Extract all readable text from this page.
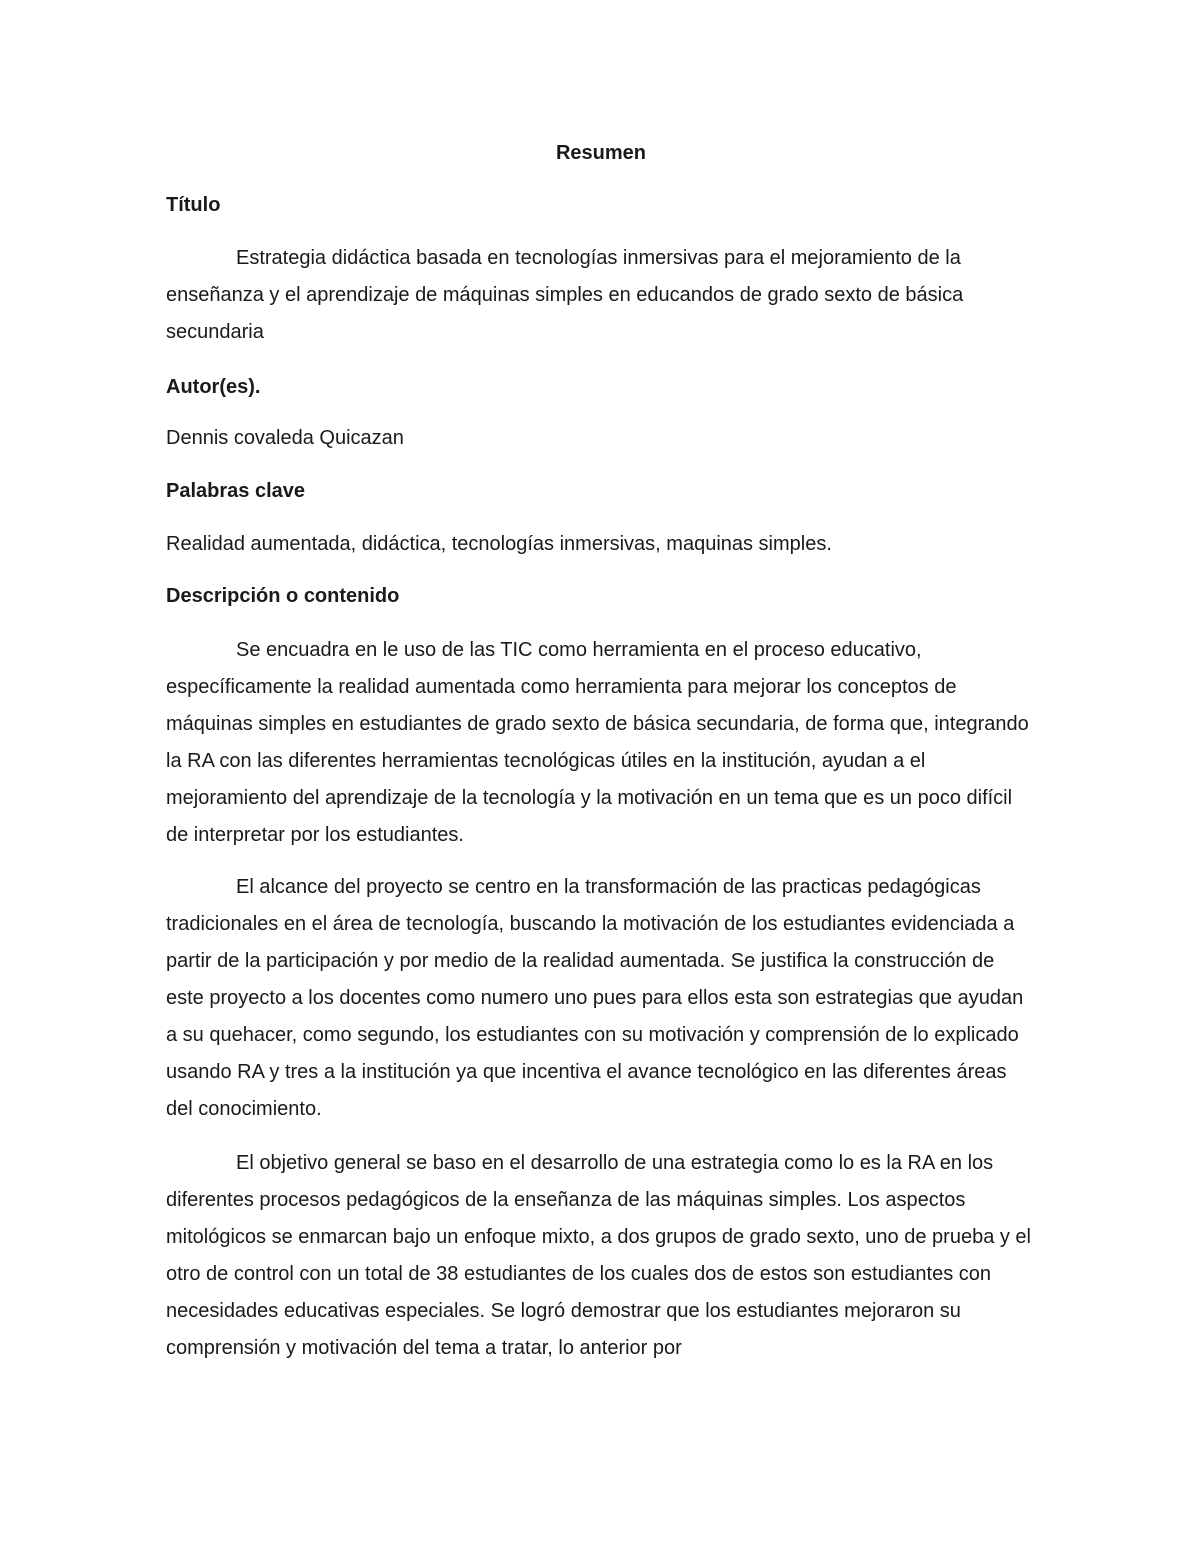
Resumen
Título

Estrategia didáctica basada en tecnologías inmersivas para el mejoramiento de la enseñanza y el aprendizaje de máquinas simples en educandos de grado sexto de básica secundaria

Autor(es).
Dennis covaleda Quicazan
Palabras clave
Realidad aumentada, didáctica, tecnologías inmersivas, maquinas simples.
Descripción o contenido

Se encuadra en le uso de las TIC como herramienta en el proceso educativo, específicamente la realidad aumentada como herramienta para mejorar los conceptos de máquinas simples en estudiantes de grado sexto de básica secundaria, de forma que, integrando la RA con las diferentes herramientas tecnológicas útiles en la institución, ayudan a el mejoramiento del aprendizaje de la tecnología y la motivación en un tema que es un poco difícil de interpretar por los estudiantes.

El alcance del proyecto se centro en la transformación de las practicas pedagógicas tradicionales en el área de tecnología, buscando la motivación de los estudiantes evidenciada a partir de la participación y por medio de la realidad aumentada. Se justifica la construcción de este proyecto a los docentes como numero uno pues para ellos esta son estrategias que ayudan a su quehacer, como segundo, los estudiantes con su motivación y comprensión de lo explicado usando RA y tres a la institución ya que incentiva el avance tecnológico en las diferentes áreas del conocimiento.

El objetivo general se baso en el desarrollo de una estrategia como lo es la RA en los diferentes procesos pedagógicos de la enseñanza de las máquinas simples. Los aspectos mitológicos se enmarcan bajo un enfoque mixto, a dos grupos de grado sexto, uno de prueba y el otro de control con un total de 38 estudiantes de los cuales dos de estos son estudiantes con necesidades educativas especiales. Se logró demostrar que los estudiantes mejoraron su comprensión y motivación del tema a tratar, lo anterior por
